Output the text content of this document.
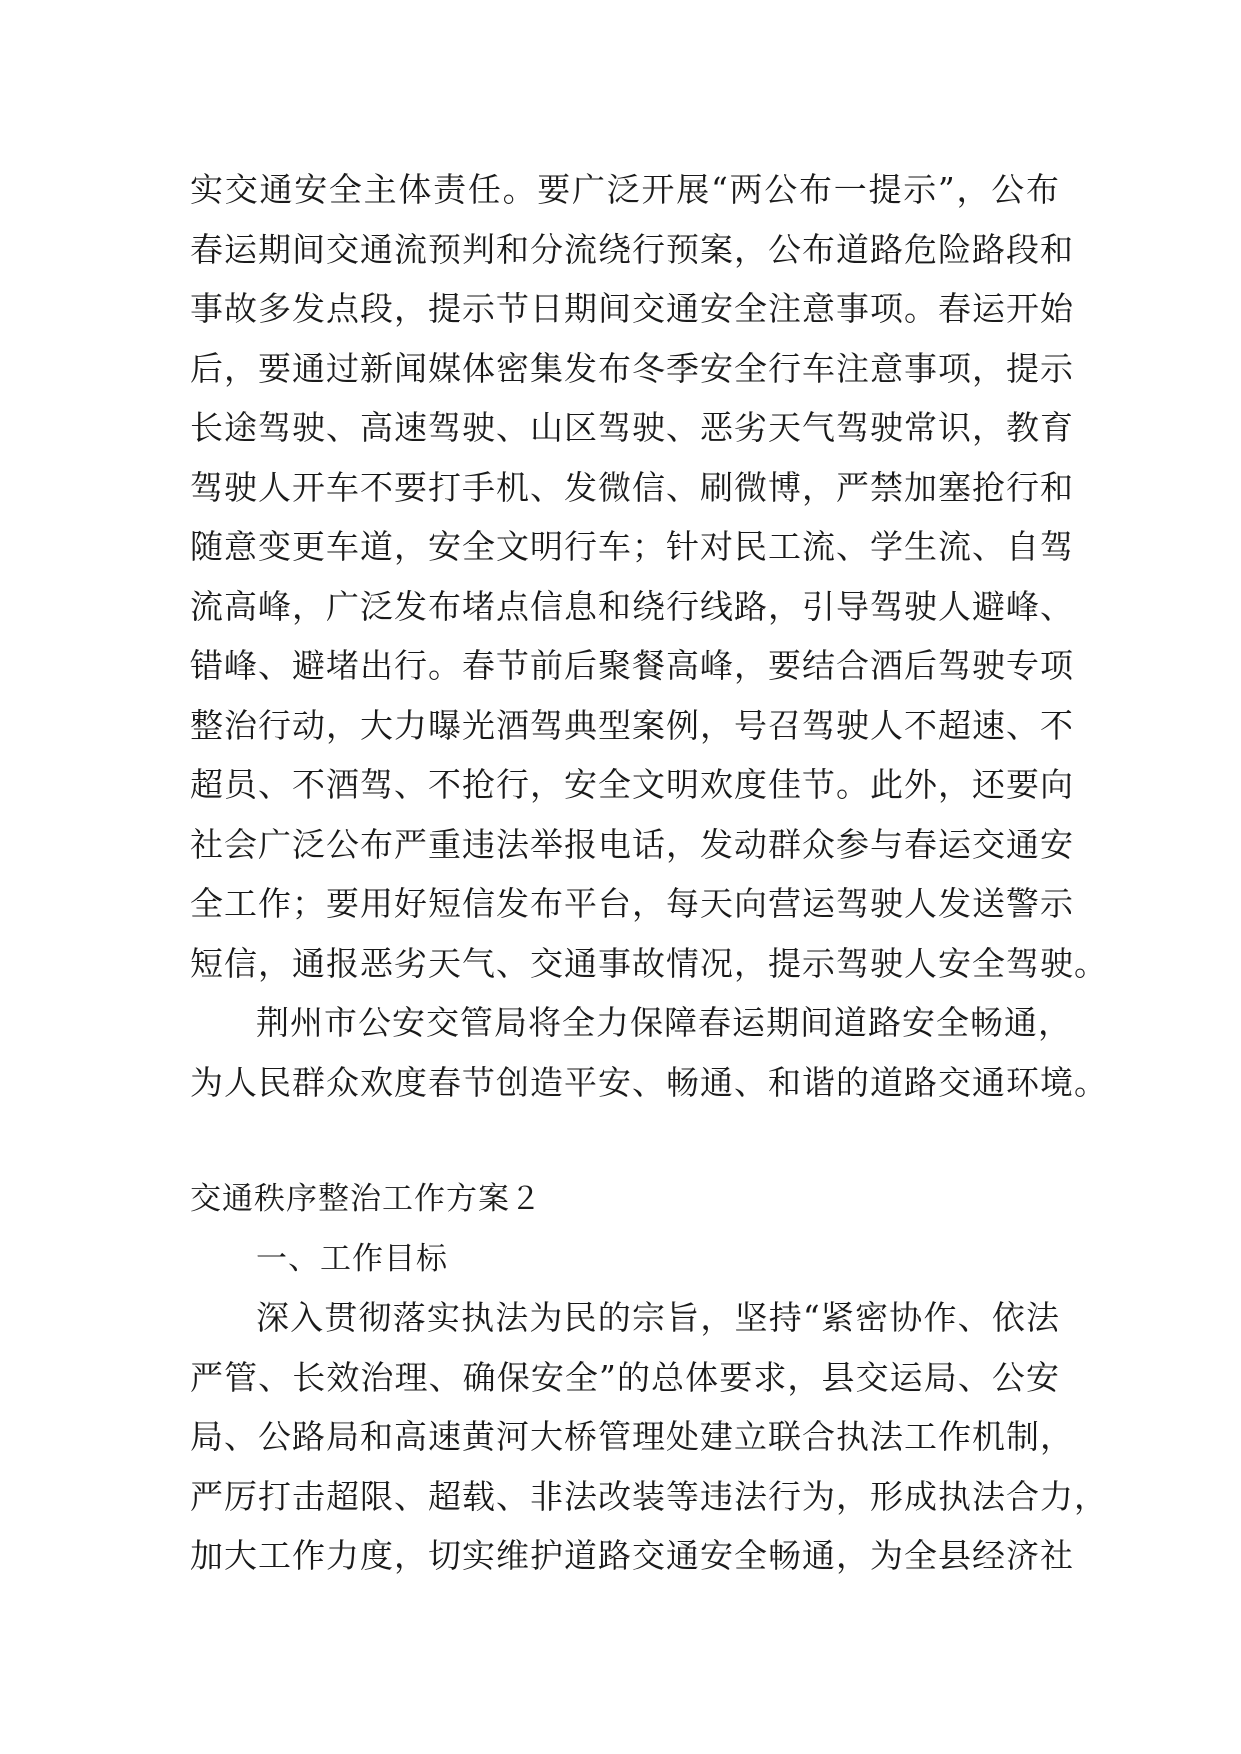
实交通安全主体责任。要广泛开展“两公布一提示”，公布
春运期间交通流预判和分流绕行预案，公布道路危险路段和
事故多发点段，提示节日期间交通安全注意事项。春运开始
后，要通过新闻媒体密集发布冬季安全行车注意事项，提示
长途驾驶、高速驾驶、山区驾驶、恶劣天气驾驶常识，教育
驾驶人开车不要打手机、发微信、刷微博，严禁加塞抢行和
随意变更车道，安全文明行车；针对民工流、学生流、自驾
流高峰，广泛发布堵点信息和绕行线路，引导驾驶人避峰、
错峰、避堵出行。春节前后聚餐高峰，要结合酒后驾驶专项
整治行动，大力曝光酒驾典型案例，号召驾驶人不超速、不
超员、不酒驾、不抢行，安全文明欢度佳节。此外，还要向
社会广泛公布严重违法举报电话，发动群众参与春运交通安
全工作；要用好短信发布平台，每天向营运驾驶人发送警示
短信，通报恶劣天气、交通事故情况，提示驾驶人安全驾驶。
荆州市公安交管局将全力保障春运期间道路安全畅通，
为人民群众欢度春节创造平安、畅通、和谐的道路交通环境。
交通秩序整治工作方案２
一、工作目标
深入贯彻落实执法为民的宗旨，坚持“紧密协作、依法
严管、长效治理、确保安全”的总体要求，县交运局、公安
局、公路局和高速黄河大桥管理处建立联合执法工作机制，
严厉打击超限、超载、非法改装等违法行为，形成执法合力，
加大工作力度，切实维护道路交通安全畅通，为全县经济社
